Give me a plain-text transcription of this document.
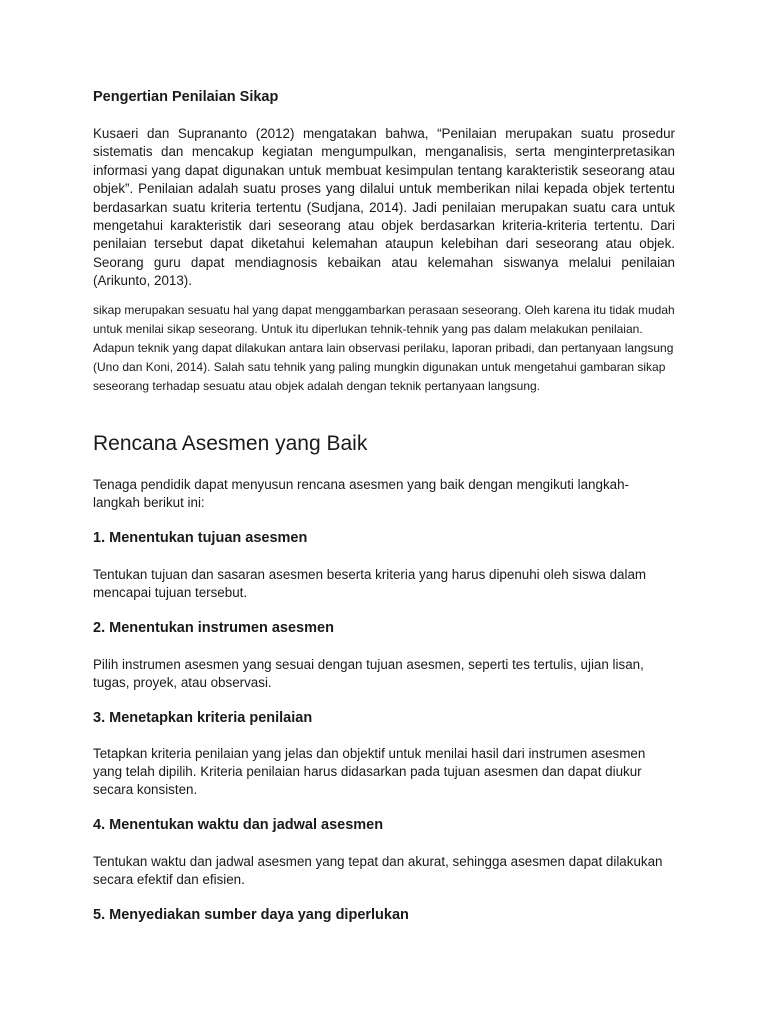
Pengertian Penilaian Sikap

Kusaeri dan Suprananto (2012) mengatakan bahwa, “Penilaian merupakan suatu prosedur sistematis dan mencakup kegiatan mengumpulkan, menganalisis, serta menginterpretasikan informasi yang dapat digunakan untuk membuat kesimpulan tentang karakteristik seseorang atau objek”. Penilaian adalah suatu proses yang dilalui untuk memberikan nilai kepada objek tertentu berdasarkan suatu kriteria tertentu (Sudjana, 2014). Jadi penilaian merupakan suatu cara untuk mengetahui karakteristik dari seseorang atau objek berdasarkan kriteria-kriteria tertentu. Dari penilaian tersebut dapat diketahui kelemahan ataupun kelebihan dari seseorang atau objek. Seorang guru dapat mendiagnosis kebaikan atau kelemahan siswanya melalui penilaian (Arikunto, 2013).

sikap merupakan sesuatu hal yang dapat menggambarkan perasaan seseorang. Oleh karena itu tidak mudah untuk menilai sikap seseorang. Untuk itu diperlukan tehnik-tehnik yang pas dalam melakukan penilaian. Adapun teknik yang dapat dilakukan antara lain observasi perilaku, laporan pribadi, dan pertanyaan langsung (Uno dan Koni, 2014). Salah satu tehnik yang paling mungkin digunakan untuk mengetahui gambaran sikap seseorang terhadap sesuatu atau objek adalah dengan teknik pertanyaan langsung.

Rencana Asesmen yang Baik

Tenaga pendidik dapat menyusun rencana asesmen yang baik dengan mengikuti langkah-langkah berikut ini:

1. Menentukan tujuan asesmen

Tentukan tujuan dan sasaran asesmen beserta kriteria yang harus dipenuhi oleh siswa dalam mencapai tujuan tersebut.

2. Menentukan instrumen asesmen

Pilih instrumen asesmen yang sesuai dengan tujuan asesmen, seperti tes tertulis, ujian lisan, tugas, proyek, atau observasi.

3. Menetapkan kriteria penilaian

Tetapkan kriteria penilaian yang jelas dan objektif untuk menilai hasil dari instrumen asesmen yang telah dipilih. Kriteria penilaian harus didasarkan pada tujuan asesmen dan dapat diukur secara konsisten.

4. Menentukan waktu dan jadwal asesmen

Tentukan waktu dan jadwal asesmen yang tepat dan akurat, sehingga asesmen dapat dilakukan secara efektif dan efisien.

5. Menyediakan sumber daya yang diperlukan
